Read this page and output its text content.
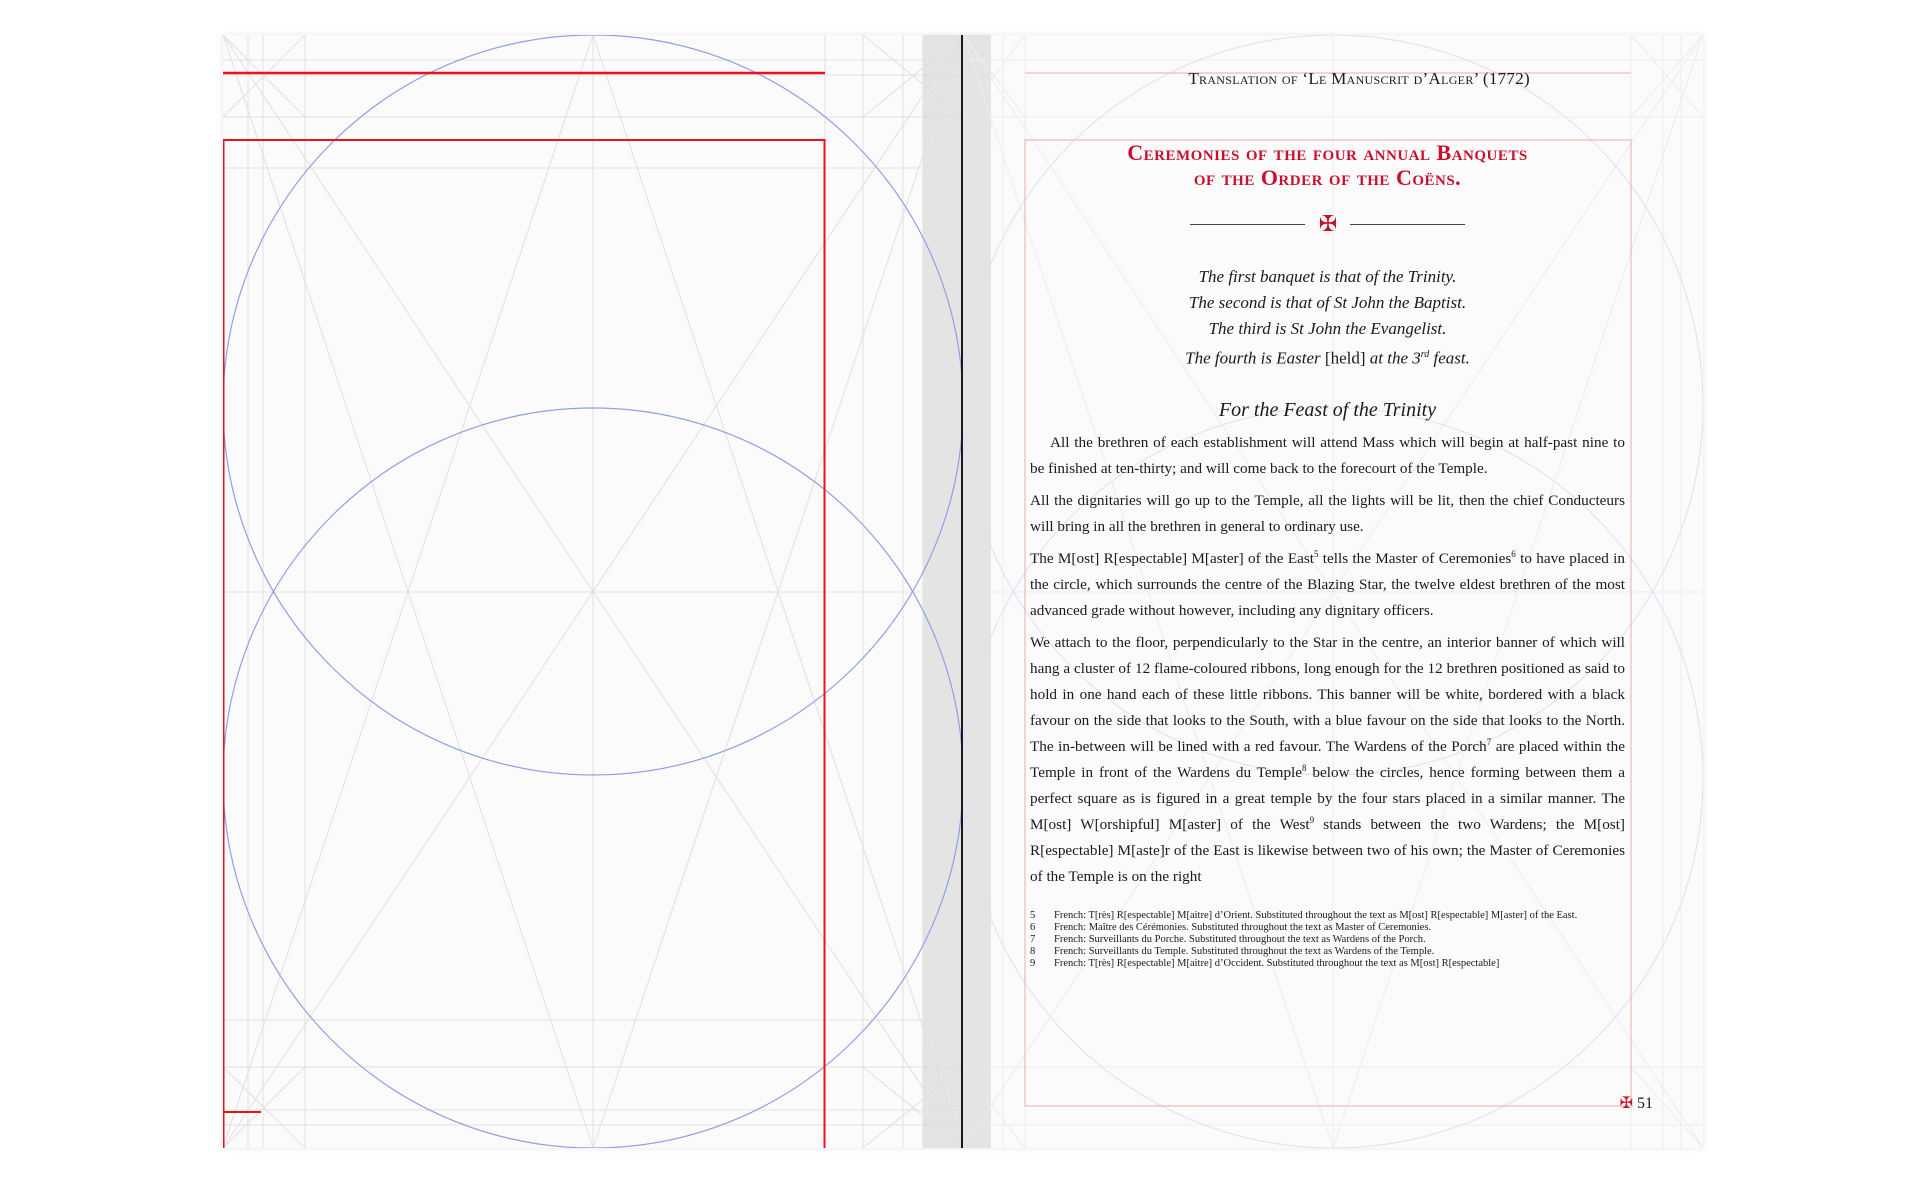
Translation of ‘Le Manuscrit d’Alger’ (1772)
Ceremonies of the four annual Banquets
of the Order of the Coëns.
✠
The first banquet is that of the Trinity.
The second is that of St John the Baptist.
The third is St John the Evangelist.
The fourth is Easter [held] at the 3rd feast.
For the Feast of the Trinity

All the brethren of each establishment will attend Mass which will begin at half-past nine to be finished at ten-thirty; and will come back to the forecourt of the Temple.

All the dignitaries will go up to the Temple, all the lights will be lit, then the chief Conducteurs will bring in all the brethren in general to ordinary use.

The M[ost] R[espectable] M[aster] of the East$^5$ tells the Master of Ceremonies$^6$ to have placed in the circle, which surrounds the centre of the Blazing Star, the twelve eldest brethren of the most advanced grade without however, including any dignitary officers.

We attach to the floor, perpendicularly to the Star in the centre, an interior banner of which will hang a cluster of 12 flame-coloured ribbons, long enough for the 12 brethren positioned as said to hold in one hand each of these little ribbons. This banner will be white, bordered with a black favour on the side that looks to the South, with a blue favour on the side that looks to the North. The in-between will be lined with a red favour. The Wardens of the Porch$^7$ are placed within the Temple in front of the Wardens du Temple$^8$ below the circles, hence forming between them a perfect square as is figured in a great temple by the four stars placed in a similar manner. The M[ost] W[orshipful] M[aster] of the West$^9$ stands between the two Wardens; the M[ost] R[espectable] M[aste]r of the East is likewise between two of his own; the Master of Ceremonies of the Temple is on the right

5 French: T[rès] R[espectable] M[aitre] d’Orient. Substituted throughout the text as M[ost] R[espectable] M[aster] of the East.
6 French: Maître des Cérémonies. Substituted throughout the text as Master of Ceremonies.
7 French: Surveillants du Porche. Substituted throughout the text as Wardens of the Porch.
8 French: Surveillants du Temple. Substituted throughout the text as Wardens of the Temple.
9 French: T[rès] R[espectable] M[aitre] d’Occident. Substituted throughout the text as M[ost] R[espectable]
✠ 51
